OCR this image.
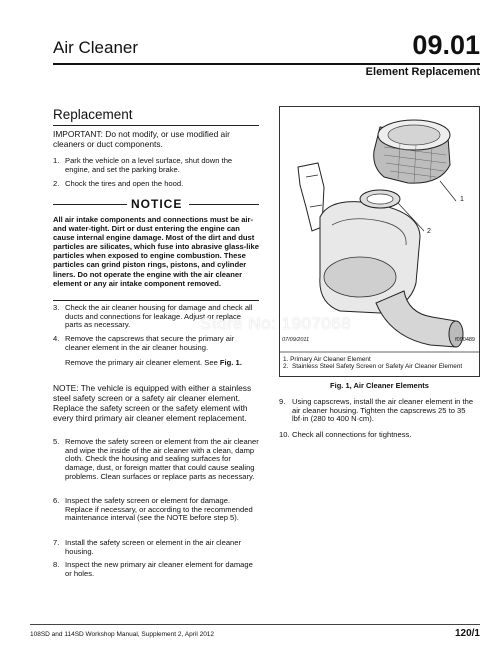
Air Cleaner	09.01
Element Replacement
Replacement

IMPORTANT: Do not modify, or use modified air cleaners or duct components.

1. Park the vehicle on a level surface, shut down the engine, and set the parking brake.
2. Chock the tires and open the hood.
NOTICE
All air intake components and connections must be air- and water-tight. Dirt or dust entering the engine can cause internal engine damage. Most of the dirt and dust particles are silicates, which fuse into abrasive glass-like particles when exposed to engine combustion. These particles can grind piston rings, pistons, and cylinder liners. Do not operate the engine with the air cleaner element or any air intake component removed.
3. Check the air cleaner housing for damage and check all ducts and connections for leakage. Adjust or replace parts as necessary.
4. Remove the capscrews that secure the primary air cleaner element in the air cleaner housing.
Remove the primary air cleaner element. See Fig. 1.
NOTE: The vehicle is equipped with either a stainless steel safety screen or a safety air cleaner element. Replace the safety screen or the safety element with every third primary air cleaner element replacement.
5. Remove the safety screen or element from the air cleaner and wipe the inside of the air cleaner with a clean, damp cloth. Check the housing and sealing surfaces for damage, dust, or foreign matter that could cause sealing problems. Clean surfaces or replace parts as necessary.
6. Inspect the safety screen or element for damage. Replace if necessary, or according to the recommended maintenance interval (see the NOTE before step 5).
7. Install the safety screen or element in the air cleaner housing.
8. Inspect the new primary air cleaner element for damage or holes.
1
2
07/09/2011	f090489
1. Primary Air Cleaner Element
2. Stainless Steel Safety Screen or Safety Air Cleaner Element
Fig. 1, Air Cleaner Elements
9. Using capscrews, install the air cleaner element in the air cleaner housing. Tighten the capscrews 25 to 35 lbf·in (280 to 400 N·cm).
10. Check all connections for tightness.
Store No: 1907068
108SD and 114SD Workshop Manual, Supplement 2, April 2012	120/1
